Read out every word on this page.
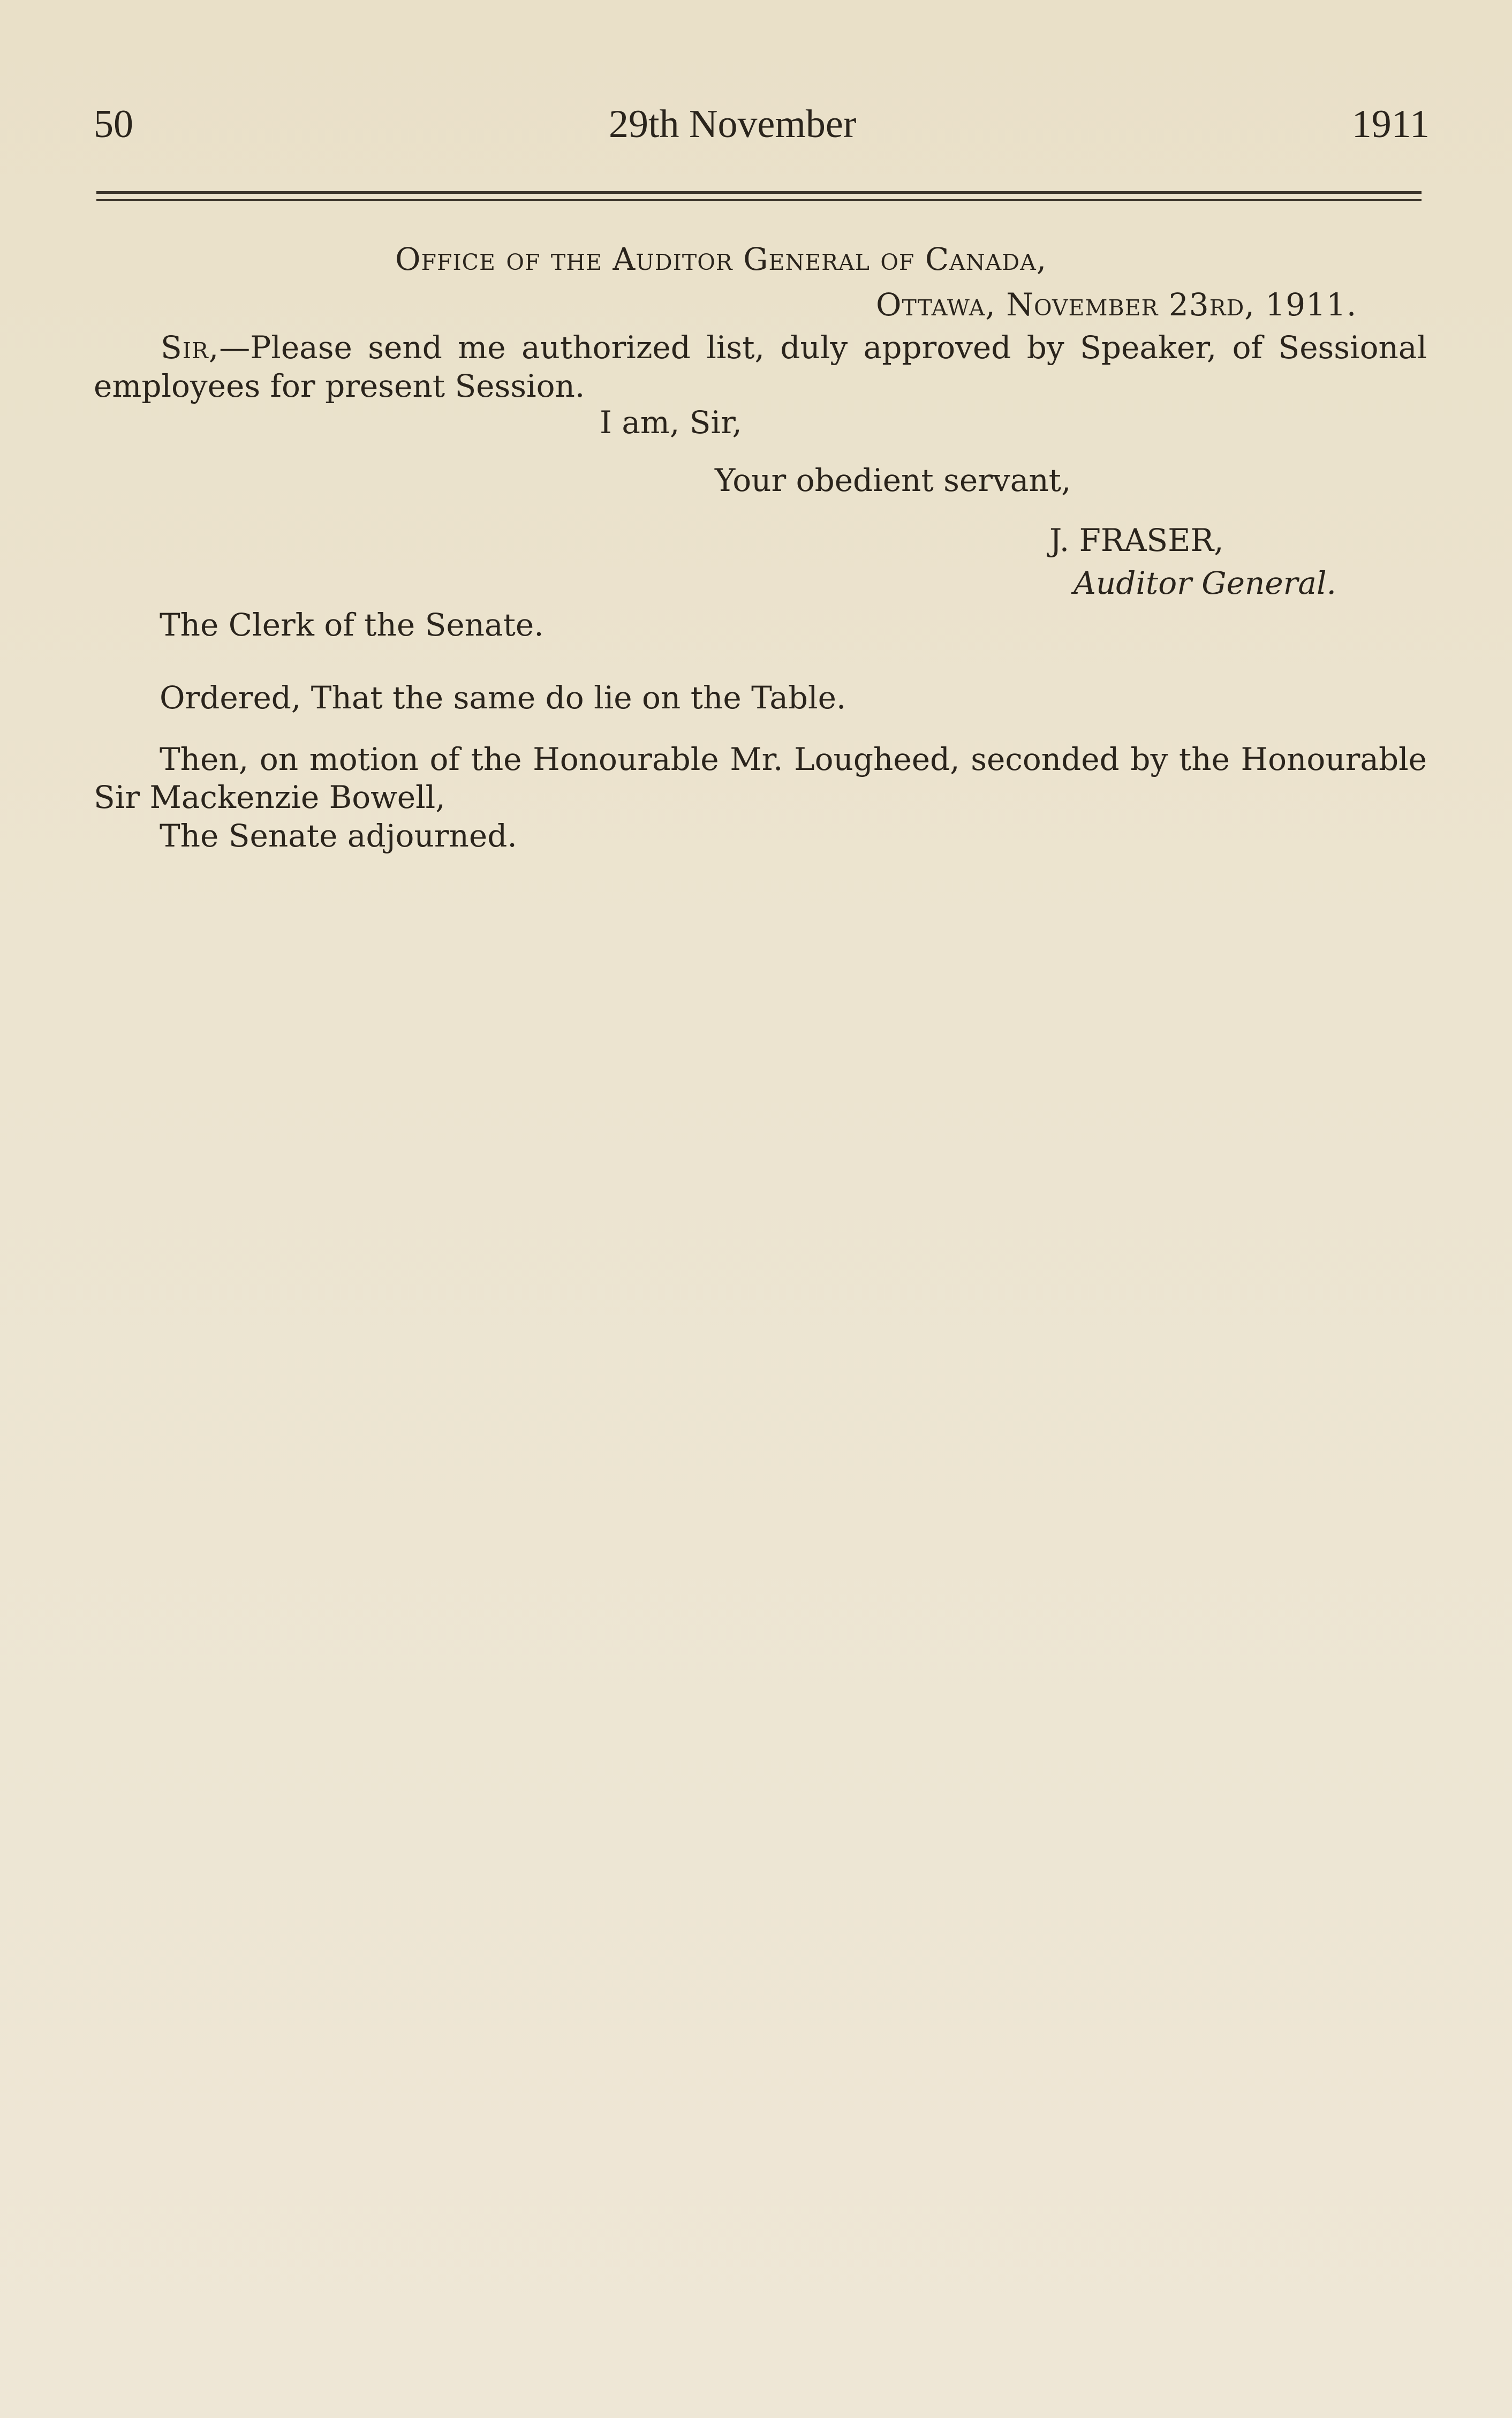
50	29th November	1911
Office of the Auditor General of Canada,
Ottawa, November 23rd, 1911.
Sir,—Please send me authorized list, duly approved by Speaker, of Sessional
employees for present Session.
I am, Sir,
Your obedient servant,
J. FRASER,
Auditor General.
The Clerk of the Senate.
Ordered, That the same do lie on the Table.
Then, on motion of the Honourable Mr. Lougheed, seconded by the Honourable
Sir Mackenzie Bowell,
The Senate adjourned.
